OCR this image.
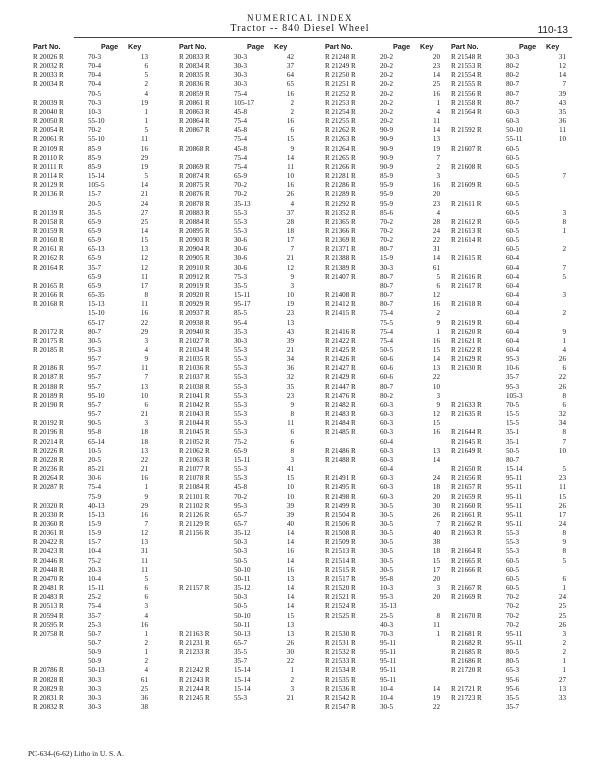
NUMERICAL INDEX
Tractor -- 840 Diesel Wheel	110-13
Part No.	Page Key
R 20026 R	70-3	13
R 20032 R	70-4	6
R 20033 R	70-4	5
R 20034 R	70-4	2
70-5	4
R 20039 R	70-3	19
R 20040 R	10-3	1
R 20050 R	55-10	1
R 20054 R	70-2	5
R 20061 R	55-10	11
R 20109 R	85-9	16
R 20110 R	85-9	29
R 20111 R	85-9	19
R 20114 R	15-14	5
R 20129 R	105-5	14
R 20136 R	15-7	21
20-5	24
R 20139 R	35-5	27
R 20158 R	65-9	25
R 20159 R	65-9	14
R 20160 R	65-9	15
R 20161 R	65-13	13
R 20162 R	65-9	12
R 20164 R	35-7	12
65-9	11
R 20165 R	65-9	17
R 20166 R	65-35	8
R 20168 R	15-13	11
15-10	16
65-17	22
R 20172 R	80-7	29
R 20175 R	30-5	3
R 20185 R	95-3	4
95-7	9
R 20186 R	95-7	11
R 20187 R	95-7	7
R 20188 R	95-7	13
R 20189 R	95-10	10
R 20190 R	95-7	6
95-7	21
R 20192 R	90-5	3
R 20196 R	95-8	18
R 20214 R	65-14	18
R 20226 R	10-5	13
R 20228 R	20-5	22
R 20236 R	85-21	21
R 20264 R	30-6	16
R 20287 R	75-4	1
75-9	9
R 20320 R	40-13	29
R 20330 R	15-13	16
R 20360 R	15-9	7
R 20361 R	15-9	12
R 20422 R	15-7	13
R 20423 R	10-4	31
R 20446 R	75-2	11
R 20448 R	20-3	11
R 20470 R	10-4	5
R 20481 R	15-11	6
R 20483 R	25-2	6
R 20513 R	75-4	3
R 20594 R	35-7	4
R 20595 R	25-3	16
R 20758 R	50-7	1
50-7	2
50-9	1
50-9	2
R 20786 R	50-13	4
R 20828 R	30-3	61
R 20829 R	30-3	25
R 20831 R	30-3	36
R 20832 R	30-3	38
Part No.	Page Key
R 20833 R	30-3	42
R 20834 R	30-3	37
R 20835 R	30-3	64
R 20836 R	30-3	65
R 20859 R	75-4	16
R 20861 R	105-17	2
R 20863 R	45-8	2
R 20864 R	75-4	16
R 20867 R	45-8	6
75-4	15
R 20868 R	45-8	9
75-4	14
R 20869 R	75-4	11
R 20874 R	65-9	10
R 20875 R	70-2	16
R 20876 R	70-2	26
R 20878 R	35-13	4
R 20883 R	55-3	37
R 20884 R	55-3	28
R 20895 R	55-3	18
R 20903 R	30-6	17
R 20904 R	30-6	7
R 20905 R	30-6	21
R 20910 R	30-6	12
R 20912 R	75-3	9
R 20919 R	35-5	3
R 20920 R	15-11	10
R 20929 R	95-17	19
R 20937 R	85-5	23
R 20938 R	95-4	13
R 20940 R	35-3	43
R 21027 R	30-3	39
R 21034 R	55-3	21
R 21035 R	55-3	34
R 21036 R	55-3	36
R 21037 R	55-3	32
R 21038 R	55-3	35
R 21041 R	55-3	23
R 21042 R	55-3	9
R 21043 R	55-3	8
R 21044 R	55-3	11
R 21045 R	55-3	6
R 21052 R	75-2	6
R 21062 R	65-9	8
R 21063 R	15-11	3
R 21077 R	55-3	41
R 21078 R	55-3	15
R 21084 R	45-8	10
R 21101 R	70-2	10
R 21102 R	95-3	39
R 21126 R	65-7	39
R 21129 R	65-7	40
R 21156 R	35-12	14
50-3	14
50-3	16
50-5	14
50-10	16
50-11	13
R 21157 R	35-12	14
50-3	14
50-5	14
50-10	15
50-11	13
R 21163 R	50-13	13
R 21231 R	65-7	26
R 21233 R	35-5	30
35-7	22
R 21242 R	15-14	1
R 21243 R	15-14	2
R 21244 R	15-14	3
R 21245 R	55-3	21
Part No.	Page Key
R 21248 R	20-2	20
R 21249 R	20-2	23
R 21250 R	20-2	14
R 21251 R	20-2	25
R 21252 R	20-2	16
R 21253 R	20-2	1
R 21254 R	20-2	4
R 21255 R	20-2	11
R 21262 R	90-9	14
R 21263 R	90-9	13
R 21264 R	90-9	19
R 21265 R	90-9	7
R 21266 R	90-9	2
R 21281 R	85-9	3
R 21286 R	95-9	16
R 21289 R	95-9	20
R 21292 R	95-9	23
R 21352 R	85-6	4
R 21365 R	70-2	28
R 21366 R	70-2	24
R 21369 R	70-2	22
R 21371 R	80-7	31
R 21388 R	15-9	14
R 21389 R	30-3	61
R 21407 R	80-7	5
80-7	6
R 21408 R	80-7	12
R 21412 R	80-7	16
R 21415 R	75-4	2
75-5	9
R 21416 R	75-4	1
R 21422 R	75-4	16
R 21425 R	50-5	15
R 21426 R	60-6	14
R 21427 R	60-6	13
R 21429 R	60-6	22
R 21447 R	80-7	10
R 21476 R	80-2	3
R 21482 R	60-3	9
R 21483 R	60-3	12
R 21484 R	60-3	15
R 21485 R	60-3	16
60-4
R 21486 R	60-3	13
R 21488 R	60-3	14
60-4
R 21491 R	60-3	24
R 21495 R	60-3	18
R 21498 R	60-3	20
R 21499 R	30-5	30
R 21504 R	30-5	26
R 21506 R	30-5	7
R 21508 R	30-5	40
R 21509 R	30-5	38
R 21513 R	30-5	18
R 21514 R	30-5	15
R 21515 R	30-5	17
R 21517 R	95-8	20
R 21520 R	10-3	3
R 21521 R	95-3	20
R 21524 R	35-13
R 21525 R	25-5	8
40-3	11
R 21530 R	70-3	1
R 21531 R	95-11
R 21532 R	95-11
R 21533 R	95-11
R 21534 R	95-11
R 21535 R	95-11
R 21536 R	10-4	14
R 21542 R	10-4	19
R 21547 R	30-5	22
Part No.	Page Key
R 21548 R	30-3	31
R 21553 R	80-2	12
R 21554 R	80-2	14
R 21555 R	80-7	7
R 21556 R	80-7	39
R 21558 R	80-7	43
R 21564 R	60-3	35
60-3	36
R 21592 R	50-10	11
55-11	10
R 21607 R	60-5
60-5
R 21608 R	60-5
60-5	7
R 21609 R	60-5
60-5
R 21611 R	60-5
60-5	3
R 21612 R	60-5	8
R 21613 R	60-5	1
R 21614 R	60-5
60-5	2
R 21615 R	60-4
60-4	7
R 21616 R	60-4	5
R 21617 R	60-4
60-4	3
R 21618 R	60-4
60-4	2
R 21619 R	60-4
R 21620 R	60-4	9
R 21621 R	60-4	1
R 21622 R	60-4	4
R 21629 R	95-3	26
R 21630 R	10-6	6
35-7	22
95-3	26
105-3	8
R 21633 R	70-5	6
R 21635 R	15-5	32
15-5	34
R 21644 R	35-1	8
R 21645 R	35-1	7
R 21649 R	50-5	10
80-7
R 21650 R	15-14	5
R 21656 R	95-11	23
R 21657 R	95-11	11
R 21659 R	95-11	15
R 21660 R	95-11	26
R 21661 R	95-11	17
R 21662 R	95-11	24
R 21663 R	55-3	8
55-3	9
R 21664 R	55-3	8
R 21665 R	60-5	5
R 21666 R	60-5
60-5	6
R 21667 R	60-5	1
R 21669 R	70-2	24
70-2	25
R 21670 R	70-2	25
70-2	26
R 21681 R	95-11	3
R 21682 R	95-11	2
R 21685 R	80-5	2
R 21686 R	80-5	1
R 21720 R	65-3	1
95-6	27
R 21721 R	95-6	13
R 21723 R	35-5	33
35-7
PC-634-(6-62) Litho in U. S. A.
